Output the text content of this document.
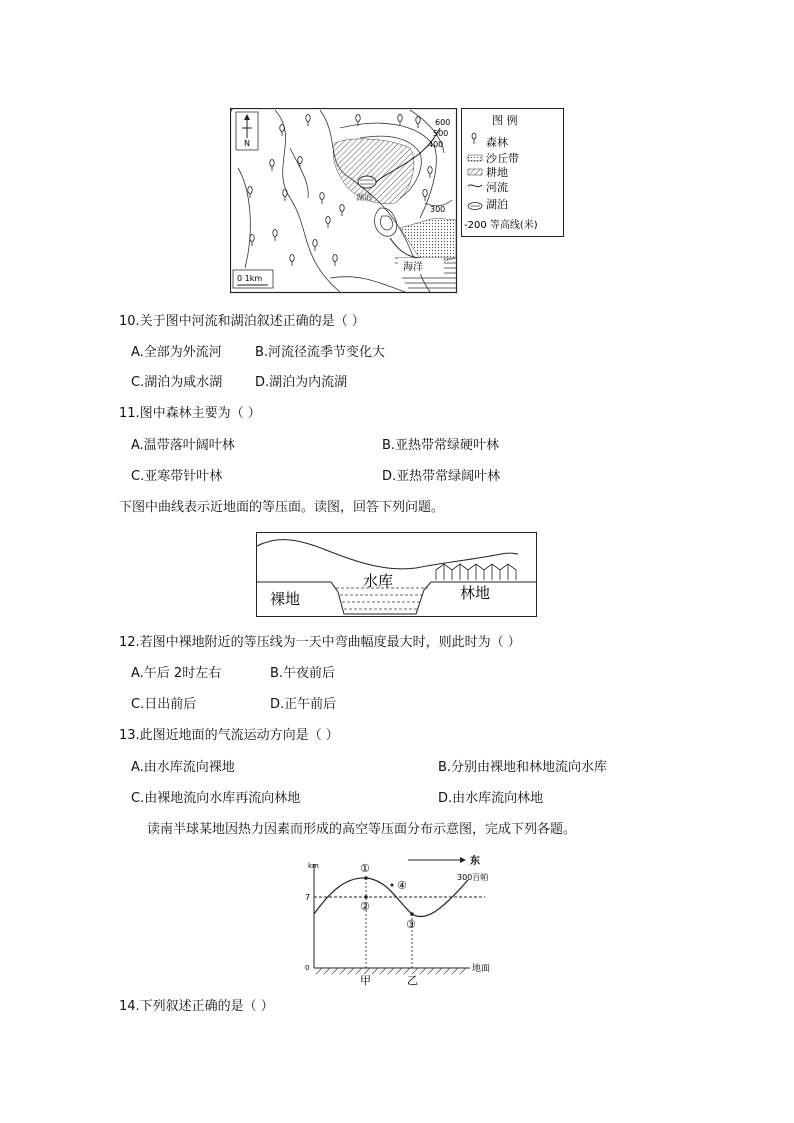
N
湖泊
海洋
600
500
400
300
0 1km
图 例
森林
沙丘带
耕地
河流
湖泊
-200 等高线(米)
10.关于图中河流和湖泊叙述正确的是（ ）
A.全部为外流河	B.河流径流季节变化大
C.湖泊为咸水湖	D.湖泊为内流湖
11.图中森林主要为（ ）
A.温带落叶阔叶林	B.亚热带常绿硬叶林
C.亚寒带针叶林	D.亚热带常绿阔叶林
下图中曲线表示近地面的等压面。读图，回答下列问题。
裸地
水库
林地
12.若图中裸地附近的等压线为一天中弯曲幅度最大时，则此时为（ ）
A.午后 2时左右	B.午夜前后
C.日出前后	D.正午前后
13.此图近地面的气流运动方向是（ ）
A.由水库流向裸地	B.分别由裸地和林地流向水库
C.由裸地流向水库再流向林地	D.由水库流向林地
读南半球某地因热力因素而形成的高空等压面分布示意图，完成下列各题。
km	东
300百帕
7
0	地面
①
②
③
④
甲	乙
14.下列叙述正确的是（ ）
